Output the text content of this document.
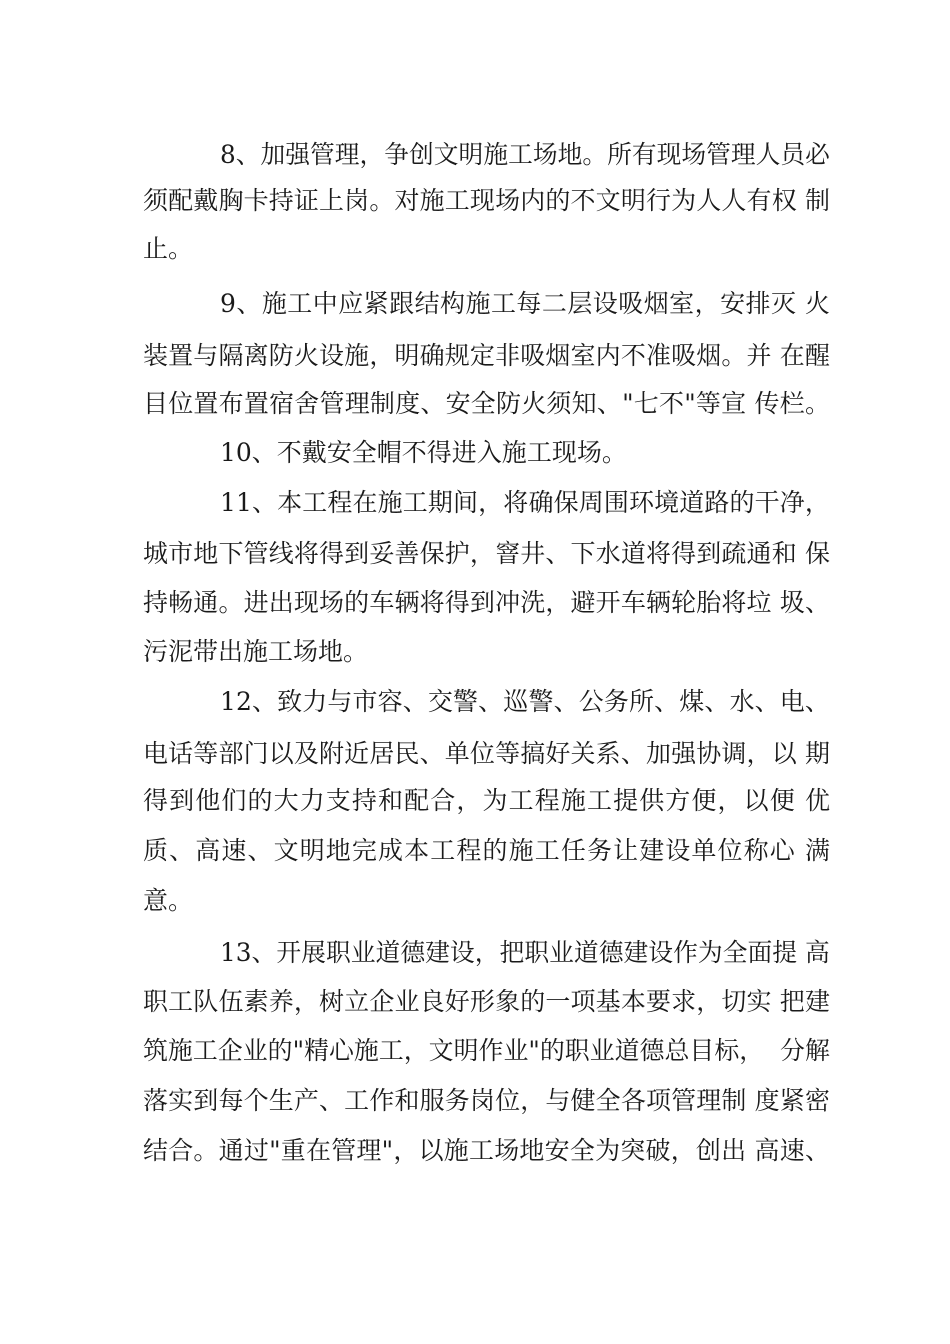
8、加强管理，争创文明施工场地。所有现场管理人员必
须配戴胸卡持证上岗。对施工现场内的不文明行为人人有权 制
止。
9、施工中应紧跟结构施工每二层设吸烟室，安排灭 火
装置与隔离防火设施，明确规定非吸烟室内不准吸烟。并 在醒
目位置布置宿舍管理制度、安全防火须知、"七不"等宣 传栏。
10、不戴安全帽不得进入施工现场。
11、本工程在施工期间，将确保周围环境道路的干净，
城市地下管线将得到妥善保护，窨井、下水道将得到疏通和 保
持畅通。进出现场的车辆将得到冲洗，避开车辆轮胎将垃 圾、
污泥带出施工场地。
12、致力与市容、交警、巡警、公务所、煤、水、电、
电话等部门以及附近居民、单位等搞好关系、加强协调，以 期
得到他们的大力支持和配合，为工程施工提供方便，以便 优
质、高速、文明地完成本工程的施工任务让建设单位称心 满
意。
13、开展职业道德建设，把职业道德建设作为全面提 高
职工队伍素养，树立企业良好形象的一项基本要求，切实 把建
筑施工企业的"精心施工，文明作业"的职业道德总目标，  分解
落实到每个生产、工作和服务岗位，与健全各项管理制 度紧密
结合。通过"重在管理"，以施工场地安全为突破，创出 高速、
